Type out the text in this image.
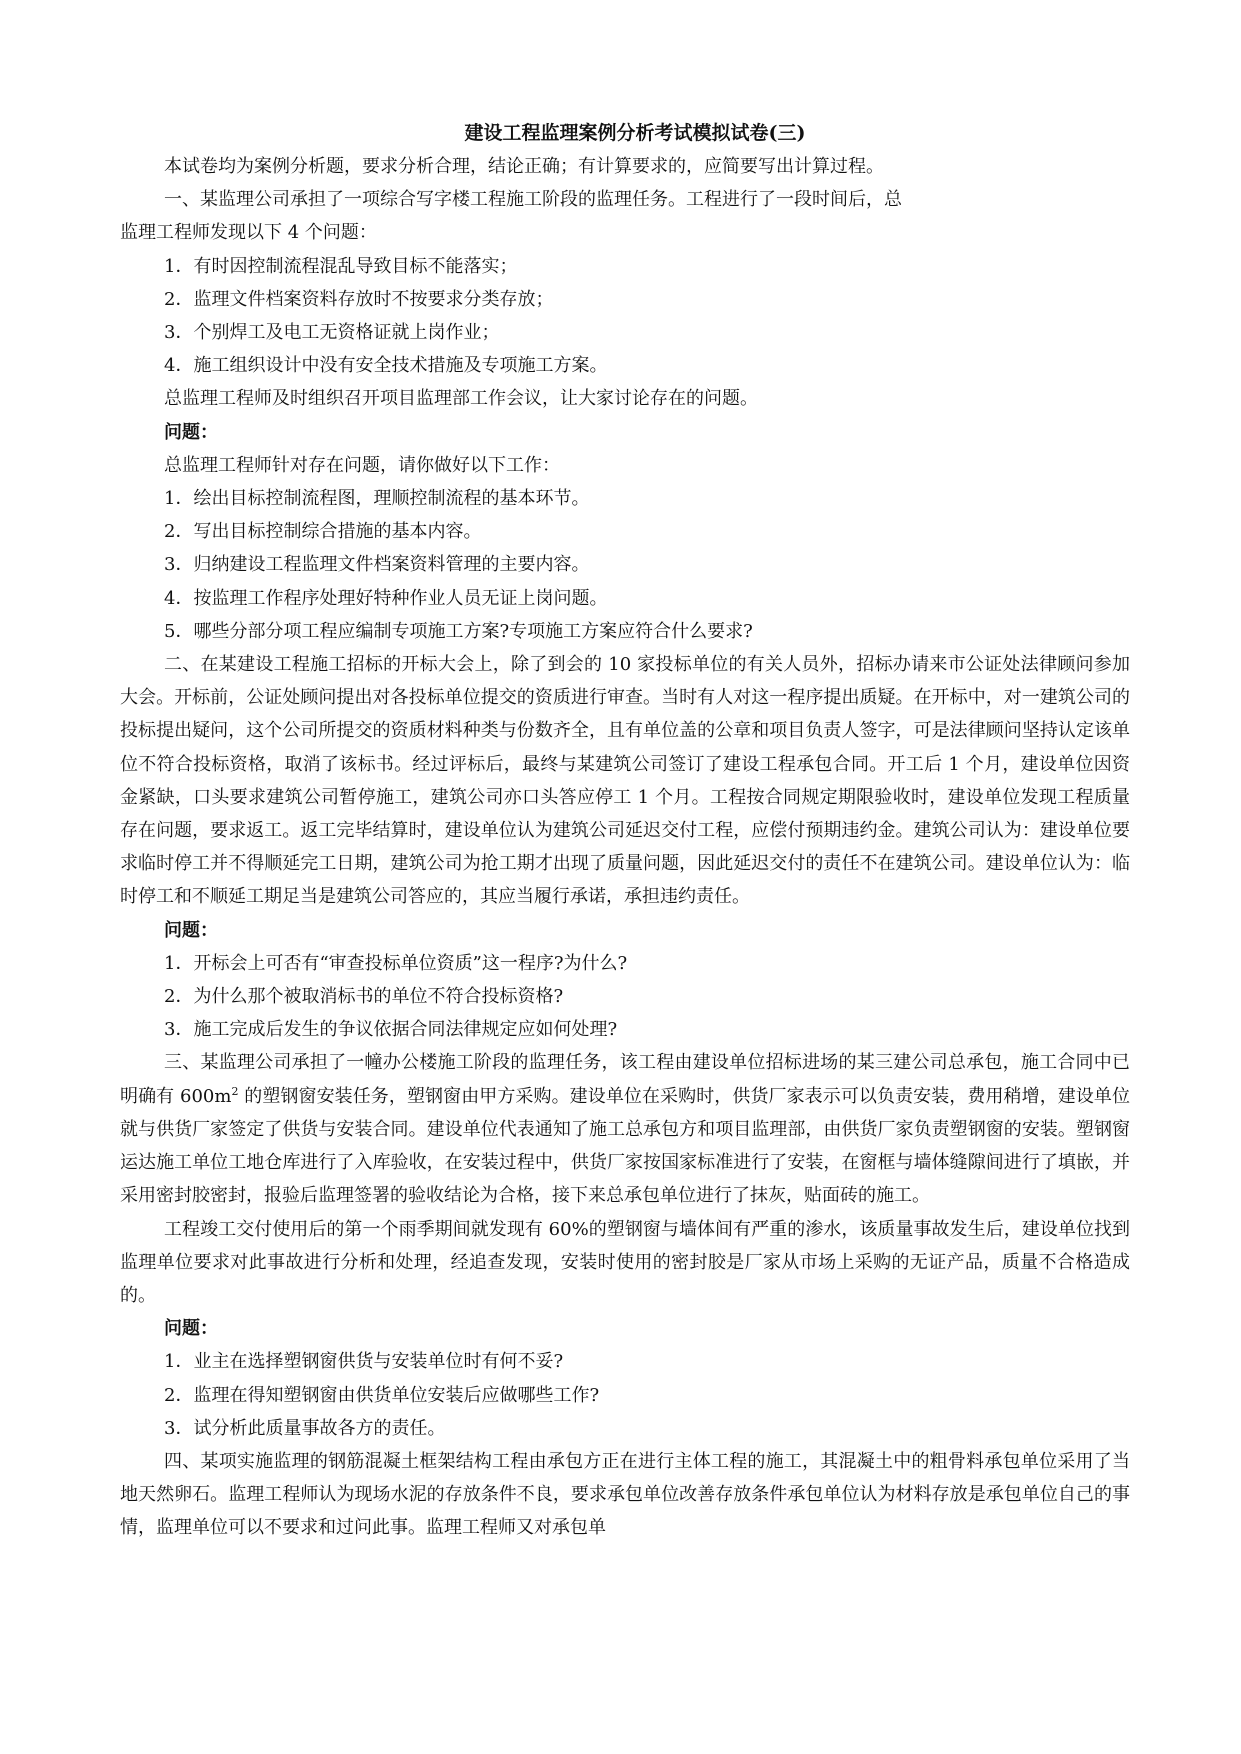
建设工程监理案例分析考试模拟试卷(三)
本试卷均为案例分析题，要求分析合理，结论正确；有计算要求的，应简要写出计算过程。
一、某监理公司承担了一项综合写字楼工程施工阶段的监理任务。工程进行了一段时间后，总
监理工程师发现以下 4 个问题：
1．有时因控制流程混乱导致目标不能落实；
2．监理文件档案资料存放时不按要求分类存放；
3．个别焊工及电工无资格证就上岗作业；
4．施工组织设计中没有安全技术措施及专项施工方案。
总监理工程师及时组织召开项目监理部工作会议，让大家讨论存在的问题。
问题：
总监理工程师针对存在问题，请你做好以下工作：
1．绘出目标控制流程图，理顺控制流程的基本环节。
2．写出目标控制综合措施的基本内容。
3．归纳建设工程监理文件档案资料管理的主要内容。
4．按监理工作程序处理好特种作业人员无证上岗问题。
5．哪些分部分项工程应编制专项施工方案?专项施工方案应符合什么要求?
二、在某建设工程施工招标的开标大会上，除了到会的 10 家投标单位的有关人员外，招标办请来市公证处法律顾问参加大会。开标前，公证处顾问提出对各投标单位提交的资质进行审查。当时有人对这一程序提出质疑。在开标中，对一建筑公司的投标提出疑问，这个公司所提交的资质材料种类与份数齐全，且有单位盖的公章和项目负责人签字，可是法律顾问坚持认定该单位不符合投标资格，取消了该标书。经过评标后，最终与某建筑公司签订了建设工程承包合同。开工后 1 个月，建设单位因资金紧缺，口头要求建筑公司暂停施工，建筑公司亦口头答应停工 1 个月。工程按合同规定期限验收时，建设单位发现工程质量存在问题，要求返工。返工完毕结算时，建设单位认为建筑公司延迟交付工程，应偿付预期违约金。建筑公司认为：建设单位要求临时停工并不得顺延完工日期，建筑公司为抢工期才出现了质量问题，因此延迟交付的责任不在建筑公司。建设单位认为：临时停工和不顺延工期足当是建筑公司答应的，其应当履行承诺，承担违约责任。
问题：
1．开标会上可否有“审查投标单位资质”这一程序?为什么?
2．为什么那个被取消标书的单位不符合投标资格?
3．施工完成后发生的争议依据合同法律规定应如何处理?
三、某监理公司承担了一幢办公楼施工阶段的监理任务，该工程由建设单位招标进场的某三建公司总承包，施工合同中已明确有 $600m^2$ 的塑钢窗安装任务，塑钢窗由甲方采购。建设单位在采购时，供货厂家表示可以负责安装，费用稍增，建设单位就与供货厂家签定了供货与安装合同。建设单位代表通知了施工总承包方和项目监理部，由供货厂家负责塑钢窗的安装。塑钢窗运达施工单位工地仓库进行了入库验收，在安装过程中，供货厂家按国家标准进行了安装，在窗框与墙体缝隙间进行了填嵌，并采用密封胶密封，报验后监理签署的验收结论为合格，接下来总承包单位进行了抹灰，贴面砖的施工。
工程竣工交付使用后的第一个雨季期间就发现有 60%的塑钢窗与墙体间有严重的渗水，该质量事故发生后，建设单位找到监理单位要求对此事故进行分析和处理，经追查发现，安装时使用的密封胶是厂家从市场上采购的无证产品，质量不合格造成的。
问题：
1．业主在选择塑钢窗供货与安装单位时有何不妥?
2．监理在得知塑钢窗由供货单位安装后应做哪些工作?
3．试分析此质量事故各方的责任。
四、某项实施监理的钢筋混凝土框架结构工程由承包方正在进行主体工程的施工，其混凝土中的粗骨料承包单位采用了当地天然卵石。监理工程师认为现场水泥的存放条件不良，要求承包单位改善存放条件承包单位认为材料存放是承包单位自己的事情，监理单位可以不要求和过问此事。监理工程师又对承包单
